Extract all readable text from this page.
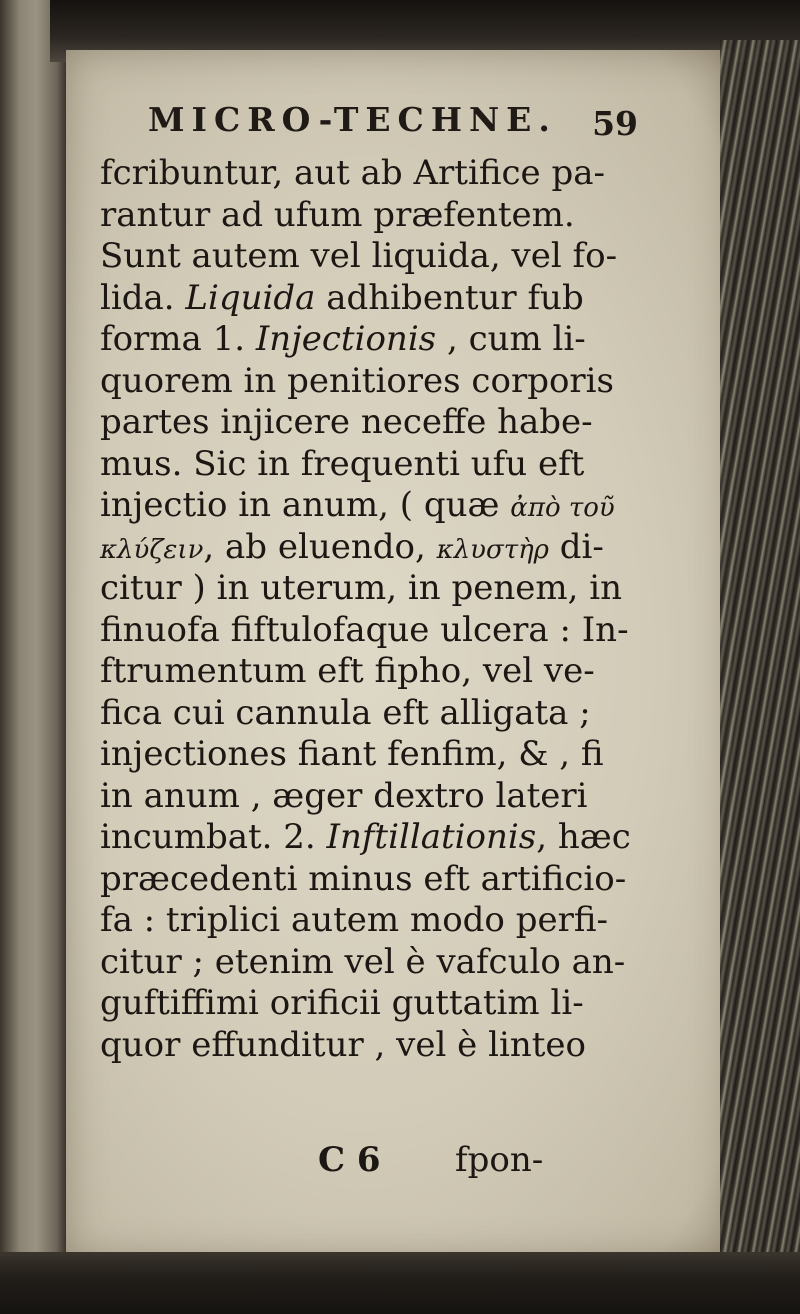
MICRO-TECHNE. 59
fcribuntur, aut ab Artifice pa-
rantur ad ufum præfentem.
Sunt autem vel liquida, vel fo-
lida. Liquida adhibentur fub
forma 1. Injectionis , cum li-
quorem in penitiores corporis
partes injicere neceffe habe-
mus. Sic in frequenti ufu eft
injectio in anum, ( quæ ἀπὸ τοῦ
κλύζειν, ab eluendo, κλυστὴρ di-
citur ) in uterum, in penem, in
finuofa fiftulofaque ulcera : In-
ftrumentum eft fipho, vel ve-
fica cui cannula eft alligata ;
injectiones fiant fenfim, & , fi
in anum , æger dextro lateri
incumbat. 2. Inftillationis, hæc
præcedenti minus eft artificio-
fa : triplici autem modo perfi-
citur ; etenim vel è vafculo an-
guftiffimi orificii guttatim li-
quor effunditur , vel è linteo
C 6 fpon-
